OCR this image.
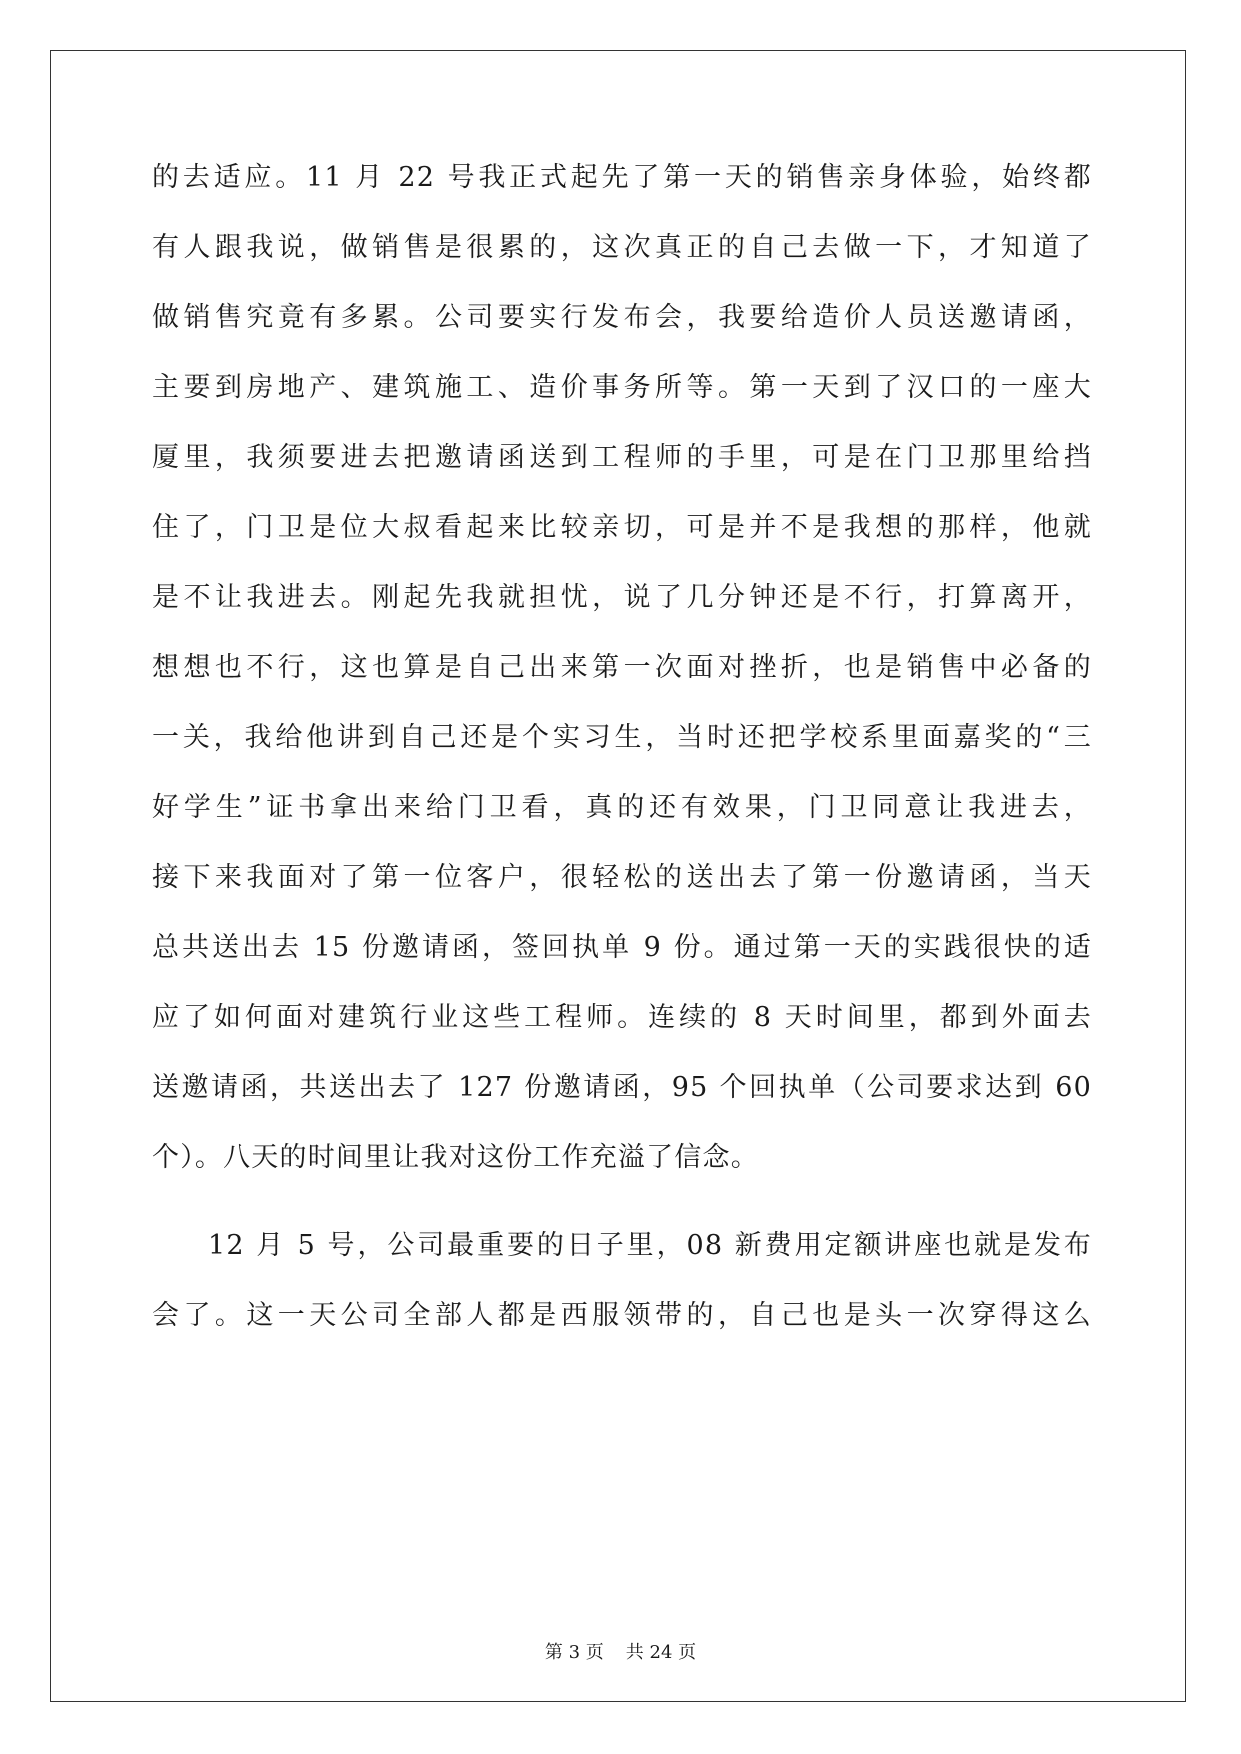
的去适应。11 月 22 号我正式起先了第一天的销售亲身体验，始终都
有人跟我说，做销售是很累的，这次真正的自己去做一下，才知道了
做销售究竟有多累。公司要实行发布会，我要给造价人员送邀请函，
主要到房地产、建筑施工、造价事务所等。第一天到了汉口的一座大
厦里，我须要进去把邀请函送到工程师的手里，可是在门卫那里给挡
住了，门卫是位大叔看起来比较亲切，可是并不是我想的那样，他就
是不让我进去。刚起先我就担忧，说了几分钟还是不行，打算离开，
想想也不行，这也算是自己出来第一次面对挫折，也是销售中必备的
一关，我给他讲到自己还是个实习生，当时还把学校系里面嘉奖的“三
好学生”证书拿出来给门卫看，真的还有效果，门卫同意让我进去，
接下来我面对了第一位客户，很轻松的送出去了第一份邀请函，当天
总共送出去 15 份邀请函，签回执单 9 份。通过第一天的实践很快的适
应了如何面对建筑行业这些工程师。连续的 8 天时间里，都到外面去
送邀请函，共送出去了 127 份邀请函，95 个回执单（公司要求达到 60
个）。八天的时间里让我对这份工作充溢了信念。
12 月 5 号，公司最重要的日子里，08 新费用定额讲座也就是发布
会了。这一天公司全部人都是西服领带的，自己也是头一次穿得这么
第 3 页 共 24 页
